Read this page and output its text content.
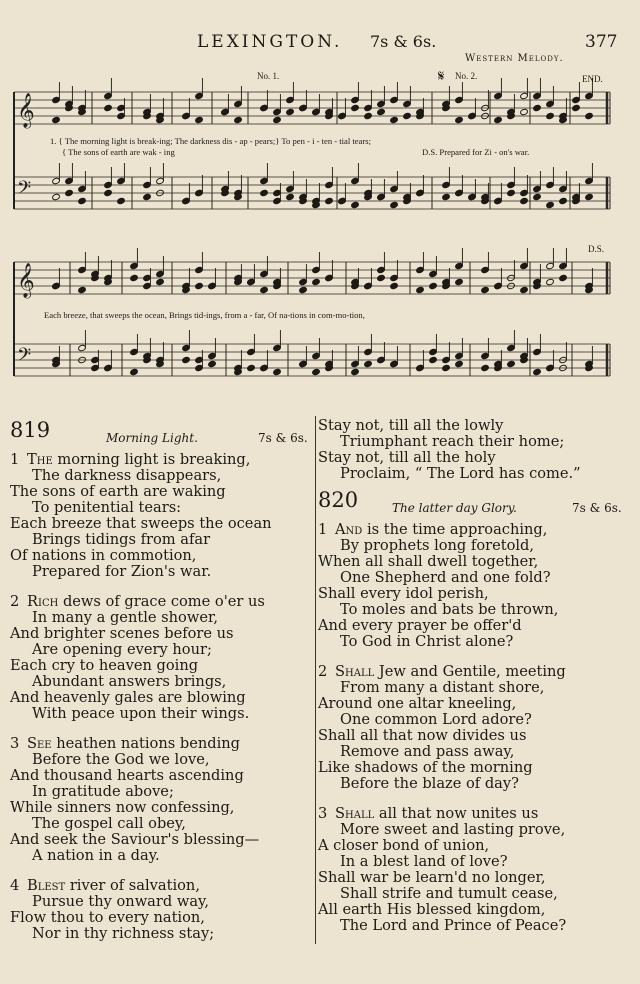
LEXINGTON. 7s & 6s.	377
Western Melody.
𝄞
𝄢
𝄞
𝄢
1. { The morning light is break-ing; The darkness dis - ap - pears;} To pen - i - ten - tial tears;
{ The sons of earth are wak - ing	D.S. Prepared for Zi - on's war.
Each breeze, that sweeps the ocean, Brings tid-ings, from a - far, Of na-tions in com-mo-tion,
No. 1.	No. 2.
𝄋	END.
D.S.
819	Morning Light.	7s & 6s.
1 The morning light is breaking,
The darkness disappears,
The sons of earth are waking
To penitential tears:
Each breeze that sweeps the ocean
Brings tidings from afar
Of nations in commotion,
Prepared for Zion's war.
2 Rich dews of grace come o'er us
In many a gentle shower,
And brighter scenes before us
Are opening every hour;
Each cry to heaven going
Abundant answers brings,
And heavenly gales are blowing
With peace upon their wings.
3 See heathen nations bending
Before the God we love,
And thousand hearts ascending
In gratitude above;
While sinners now confessing,
The gospel call obey,
And seek the Saviour's blessing—
A nation in a day.
4 Blest river of salvation,
Pursue thy onward way,
Flow thou to every nation,
Nor in thy richness stay;
Stay not, till all the lowly
Triumphant reach their home;
Stay not, till all the holy
Proclaim, “ The Lord has come.”
820	The latter day Glory.	7s & 6s.
1 And is the time approaching,
By prophets long foretold,
When all shall dwell together,
One Shepherd and one fold?
Shall every idol perish,
To moles and bats be thrown,
And every prayer be offer'd
To God in Christ alone?
2 Shall Jew and Gentile, meeting
From many a distant shore,
Around one altar kneeling,
One common Lord adore?
Shall all that now divides us
Remove and pass away,
Like shadows of the morning
Before the blaze of day?
3 Shall all that now unites us
More sweet and lasting prove,
A closer bond of union,
In a blest land of love?
Shall war be learn'd no longer,
Shall strife and tumult cease,
All earth His blessed kingdom,
The Lord and Prince of Peace?
